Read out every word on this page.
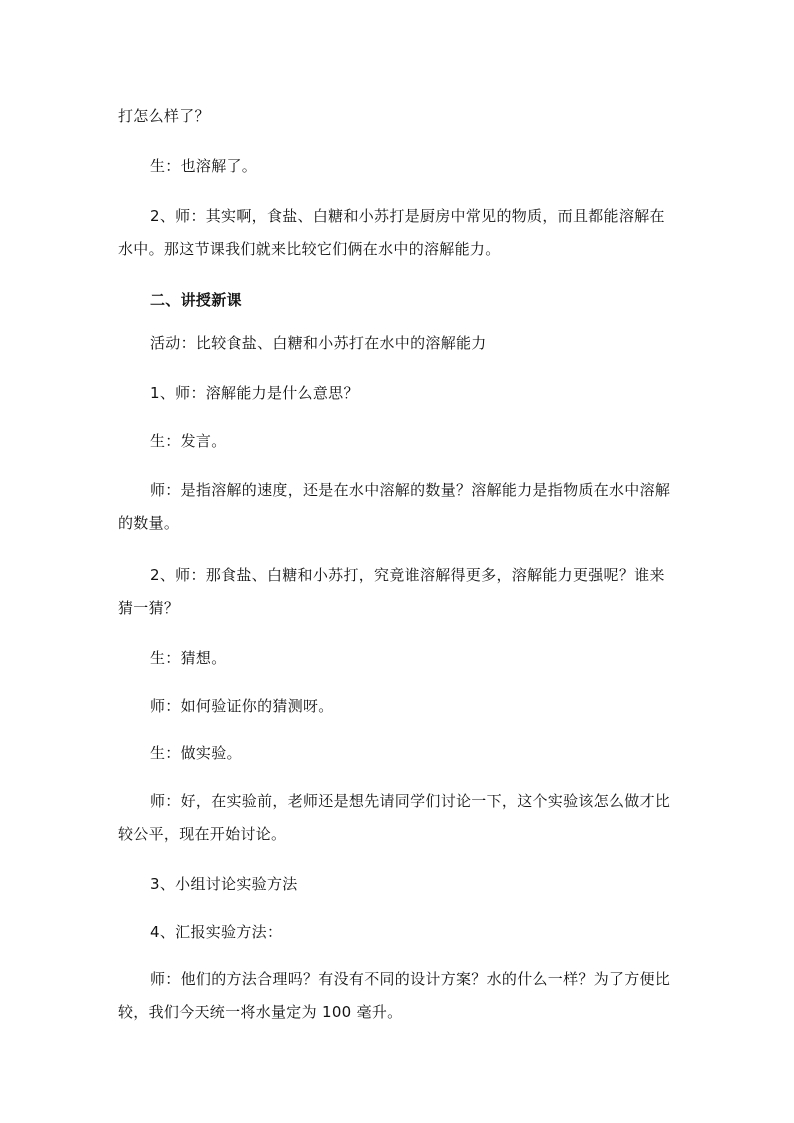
打怎么样了？

生：也溶解了。

2、师：其实啊，食盐、白糖和小苏打是厨房中常见的物质，而且都能溶解在水中。那这节课我们就来比较它们俩在水中的溶解能力。

二、讲授新课

活动：比较食盐、白糖和小苏打在水中的溶解能力

1、师：溶解能力是什么意思？

生：发言。

师：是指溶解的速度，还是在水中溶解的数量？溶解能力是指物质在水中溶解的数量。

2、师：那食盐、白糖和小苏打，究竟谁溶解得更多，溶解能力更强呢？谁来猜一猜？

生：猜想。

师：如何验证你的猜测呀。

生：做实验。

师：好，在实验前，老师还是想先请同学们讨论一下，这个实验该怎么做才比较公平，现在开始讨论。

3、小组讨论实验方法

4、汇报实验方法：

师：他们的方法合理吗？有没有不同的设计方案？水的什么一样？为了方便比较，我们今天统一将水量定为 100 毫升。
